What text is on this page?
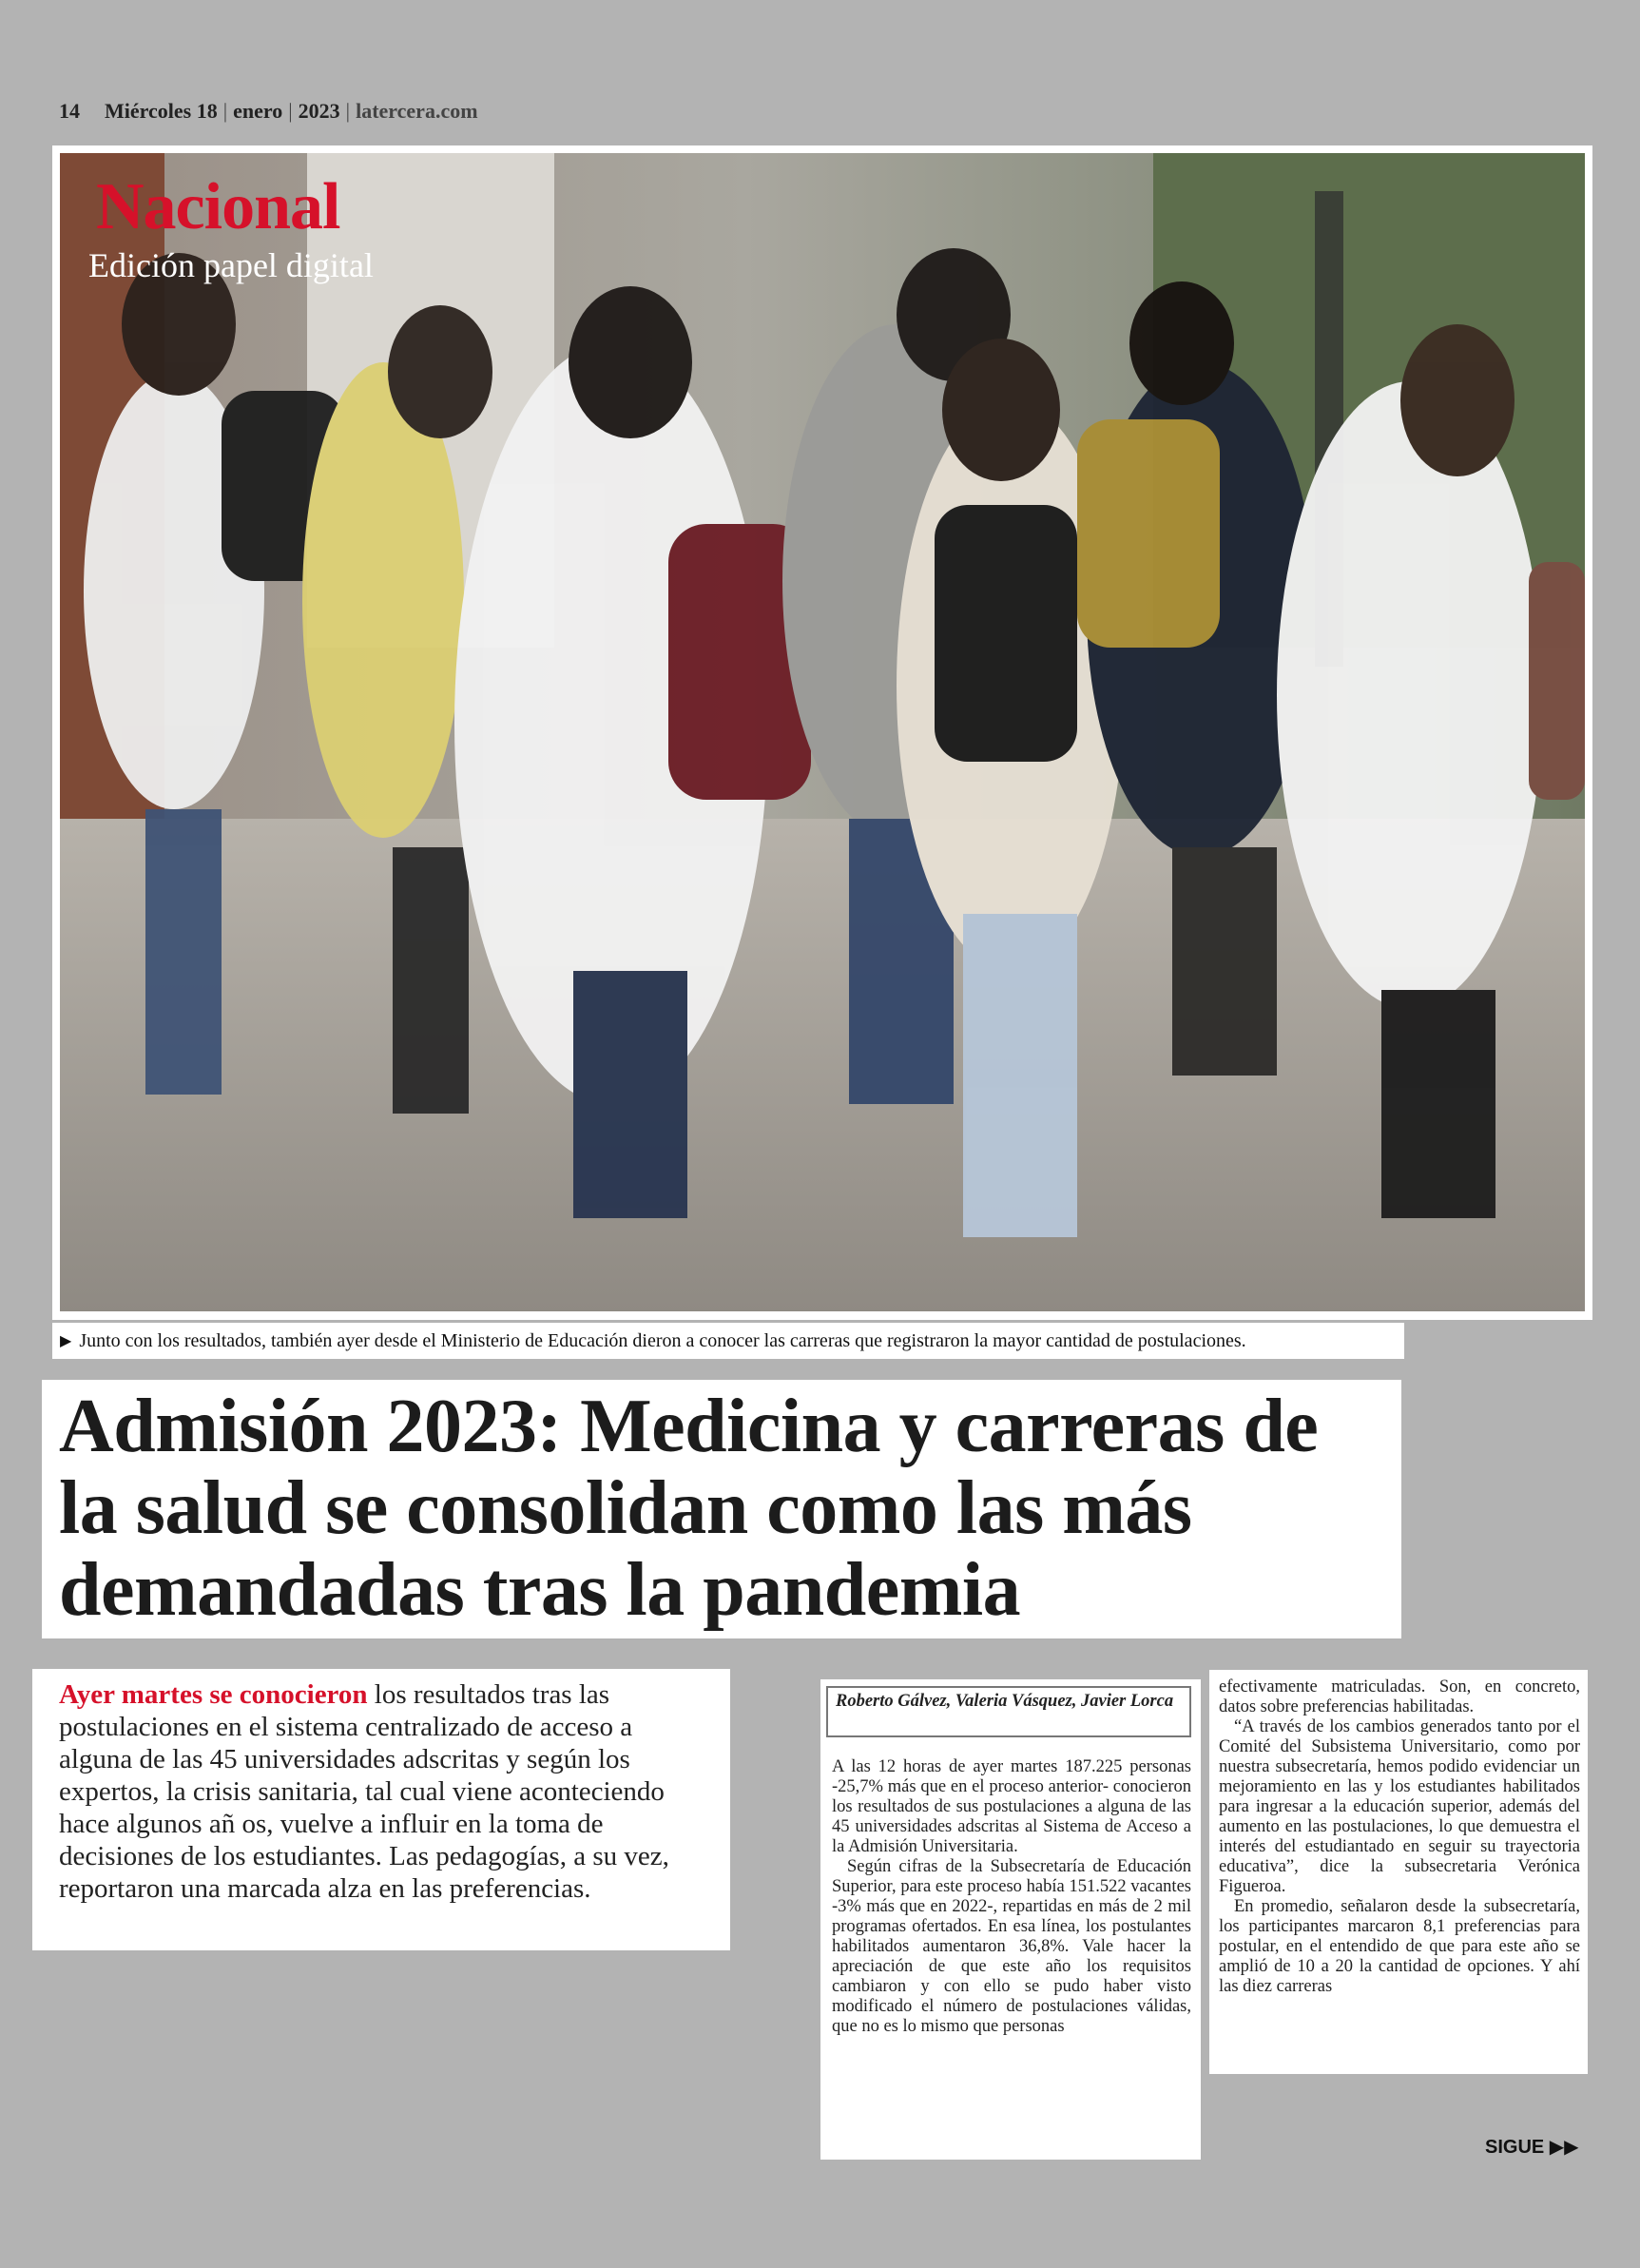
14 Miércoles 18 | enero | 2023 | latercera.com
Nacional
Edición papel digital
▶ Junto con los resultados, también ayer desde el Ministerio de Educación dieron a conocer las carreras que registraron la mayor cantidad de postulaciones.
Admisión 2023: Medicina y carreras de la salud se consolidan como las más demandadas tras la pandemia
Ayer martes se conocieron los resultados tras las postulaciones en el sistema centralizado de acceso a alguna de las 45 universidades adscritas y según los expertos, la crisis sanitaria, tal cual viene aconteciendo hace algunos añ os, vuelve a influir en la toma de decisiones de los estudiantes. Las pedagogías, a su vez, reportaron una marcada alza en las preferencias.
Roberto Gálvez, Valeria Vásquez, Javier Lorca

A las 12 horas de ayer martes 187.225 personas -25,7% más que en el proceso anterior- conocieron los resultados de sus postulaciones a alguna de las 45 universidades adscritas al Sistema de Acceso a la Admisión Universitaria.

Según cifras de la Subsecretaría de Educación Superior, para este proceso había 151.522 vacantes -3% más que en 2022-, repartidas en más de 2 mil programas ofertados. En esa línea, los postulantes habilitados aumentaron 36,8%. Vale hacer la apreciación de que este año los requisitos cambiaron y con ello se pudo haber visto modificado el número de postulaciones válidas, que no es lo mismo que personas

efectivamente matriculadas. Son, en concreto, datos sobre preferencias habilitadas.

“A través de los cambios generados tanto por el Comité del Subsistema Universitario, como por nuestra subsecretaría, hemos podido evidenciar un mejoramiento en las y los estudiantes habilitados para ingresar a la educación superior, además del aumento en las postulaciones, lo que demuestra el interés del estudiantado en seguir su trayectoria educativa”, dice la subsecretaria Verónica Figueroa.

En promedio, señalaron desde la subsecretaría, los participantes marcaron 8,1 preferencias para postular, en el entendido de que para este año se amplió de 10 a 20 la cantidad de opciones. Y ahí las diez carreras

SIGUE ▶▶
